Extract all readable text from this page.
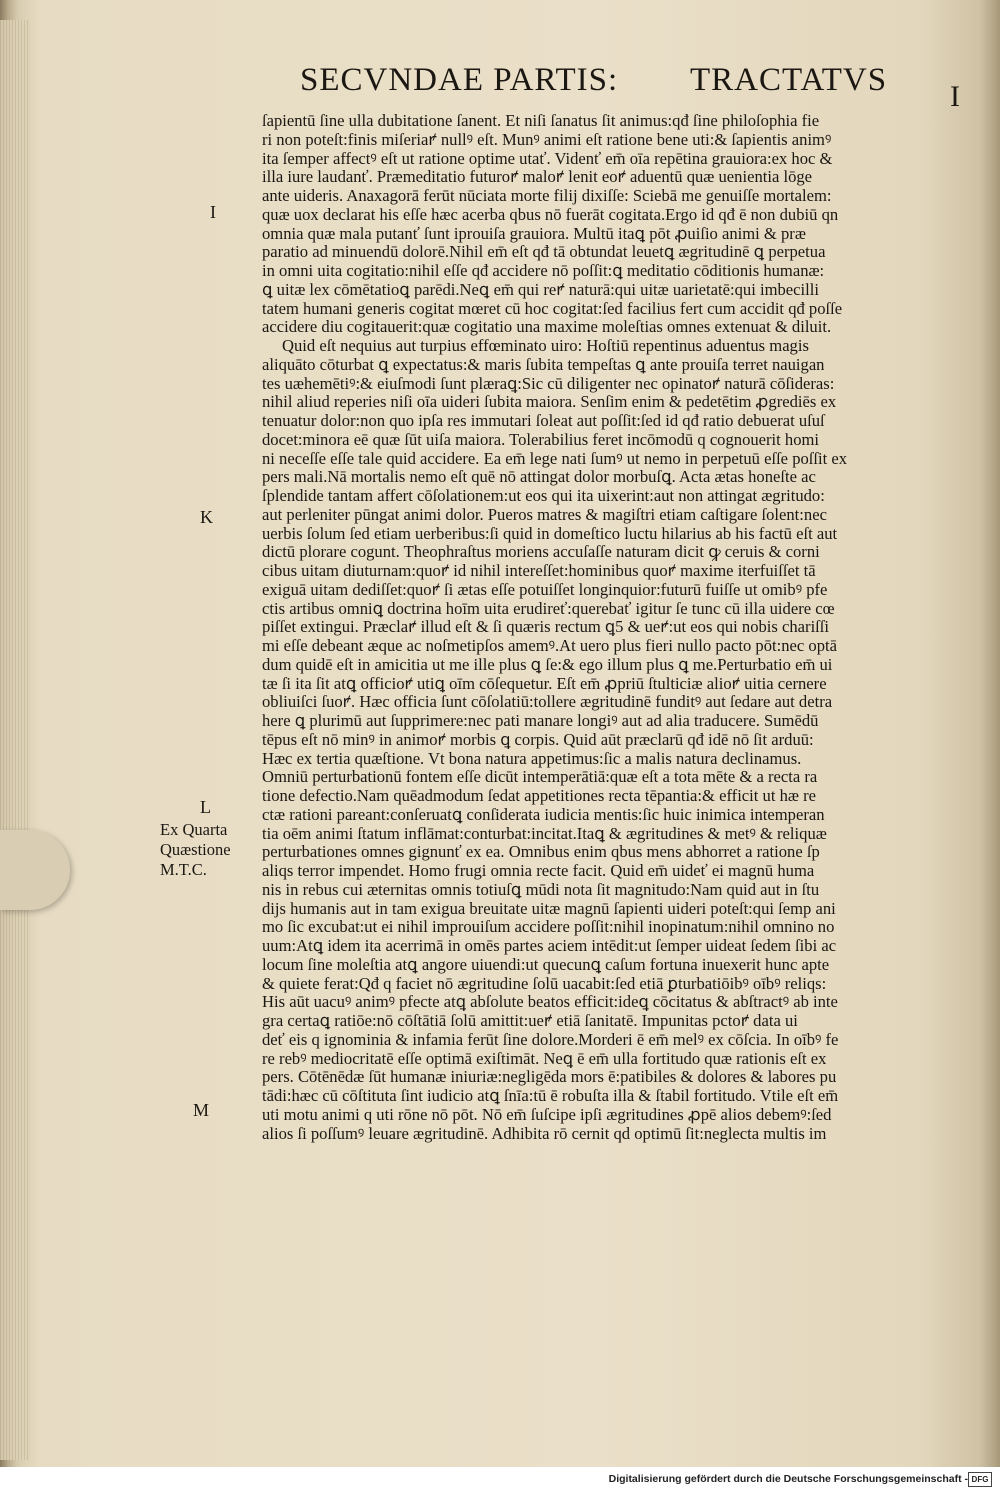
SECVNDAE PARTIS: TRACTATVS I
I
K
L
M
Ex Quarta
Quæstione
M.T.C.
ſapientū ſine ulla dubitatione ſanent. Et niſi ſanatus ſit animus:qđ ſine philoſophia fie
ri non poteſt:finis miſeriaꝵ nullꝰ eſt. Munꝰ animi eſt ratione bene uti:& ſapientis animꝰ
ita ſemper affectꝰ eſt ut ratione optime utať. Videnť em̄ oīa repētina grauiora:ex hoc &
illa iure laudanť. Præmeditatio futuroꝵ maloꝵ lenit eoꝵ aduentū quæ uenientia lōge
ante uideris. Anaxagorā ferūt nūciata morte filij dixiſſe: Sciebā me genuiſſe mortalem:
quæ uox declarat his eſſe hæc acerba qbus nō fuerāt cogitata.Ergo id qđ ē non dubiū qn
omnia quæ mala putanť ſunt iprouiſa grauiora. Multū itaꝗ pōt ꝓuiſio animi & præ
paratio ad minuendū dolorē.Nihil em̄ eſt qđ tā obtundat leuetꝗ ægritudinē ꝗ perpetua
in omni uita cogitatio:nihil eſſe qđ accidere nō poſſit:ꝗ meditatio cōditionis humanæ:
ꝗ uitæ lex cōmētatioꝗ parēdi.Neꝗ em̄ qui reꝵ naturā:qui uitæ uarietatē:qui imbecilli
tatem humani generis cogitat mœret cū hoc cogitat:ſed facilius fert cum accidit qđ poſſe
accidere diu cogitauerit:quæ cogitatio una maxime moleſtias omnes extenuat & diluit.
Quid eſt nequius aut turpius effœminato uiro: Hoſtiū repentinus aduentus magis
aliquāto cōturbat ꝗ expectatus:& maris ſubita tempeſtas ꝗ ante prouiſa terret nauigan
tes uæhemētiꝰ:& eiuſmodi ſunt plæraꝗ:Sic cū diligenter nec opinatoꝵ naturā cōſideras:
nihil aliud reperies niſi oīa uideri ſubita maiora. Senſim enim & pedetētim ꝓgrediēs ex
tenuatur dolor:non quo ipſa res immutari ſoleat aut poſſit:ſed id qđ ratio debuerat uſuſ
docet:minora eē quæ ſūt uiſa maiora. Tolerabilius feret incōmodū q cognouerit homi
ni neceſſe eſſe tale quid accidere. Ea em̄ lege nati ſumꝰ ut nemo in perpetuū eſſe poſſit ex
pers mali.Nā mortalis nemo eſt quē nō attingat dolor morbuſꝗ. Acta ætas honeſte ac
ſplendide tantam affert cōſolationem:ut eos qui ita uixerint:aut non attingat ægritudo:
aut perleniter pūngat animi dolor. Pueros matres & magiſtri etiam caſtigare ſolent:nec
uerbis ſolum ſed etiam uerberibus:ſi quid in domeſtico luctu hilarius ab his factū eſt aut
dictū plorare cogunt. Theophraſtus moriens accuſaſſe naturam dicit ꝙ ceruis & corni
cibus uitam diuturnam:quoꝵ id nihil intereſſet:hominibus quoꝵ maxime iterfuiſſet tā
exiguā uitam dediſſet:quoꝵ ſi ætas eſſe potuiſſet longinquior:futurū fuiſſe ut omibꝰ pfe
ctis artibus omniꝗ doctrina hoīm uita erudireť:querebať igitur ſe tunc cū illa uidere cœ
piſſet extingui. Præclaꝵ illud eſt & ſi quæris rectum ꝗ5 & ueꝵ:ut eos qui nobis chariſſi
mi eſſe debeant æque ac noſmetipſos amemꝰ.At uero plus fieri nullo pacto pōt:nec optā
dum quidē eſt in amicitia ut me ille plus ꝗ ſe:& ego illum plus ꝗ me.Perturbatio em̄ ui
tæ ſi ita ſit atꝗ officioꝵ utiꝗ oīm cōſequetur. Eſt em̄ ꝓpriū ſtulticiæ alioꝵ uitia cernere
obliuiſci ſuoꝵ. Hæc officia ſunt cōſolatiū:tollere ægritudinē funditꝰ aut ſedare aut detra
here ꝗ plurimū aut ſupprimere:nec pati manare longiꝰ aut ad alia traducere. Sumēdū
tēpus eſt nō minꝰ in animoꝵ morbis ꝗ corpis. Quid aūt præclarū qđ idē nō ſit arduū:
Hæc ex tertia quæſtione. Vt bona natura appetimus:ſic a malis natura declinamus.
Omniū perturbationū fontem eſſe dicūt intemperātiā:quæ eſt a tota mēte & a recta ra
tione defectio.Nam quēadmodum ſedat appetitiones recta tēpantia:& efficit ut hæ re
ctæ rationi pareant:conſeruatꝗ conſiderata iudicia mentis:ſic huic inimica intemperan
tia oēm animi ſtatum inflāmat:conturbat:incitat.Itaꝗ & ægritudines & metꝰ & reliquæ
perturbationes omnes gignunť ex ea. Omnibus enim qbus mens abhorret a ratione ſp
aliqs terror impendet. Homo frugi omnia recte facit. Quid em̄ uideť ei magnū huma
nis in rebus cui æternitas omnis totiuſꝗ mūdi nota ſit magnitudo:Nam quid aut in ſtu
dijs humanis aut in tam exigua breuitate uitæ magnū ſapienti uideri poteſt:qui ſemp ani
mo ſic excubat:ut ei nihil improuiſum accidere poſſit:nihil inopinatum:nihil omnino no
uum:Atꝗ idem ita acerrimā in omēs partes aciem intēdit:ut ſemper uideat ſedem ſibi ac
locum ſine moleſtia atꝗ angore uiuendi:ut quecunꝗ caſum fortuna inuexerit hunc apte
& quiete ferat:Qđ q faciet nō ægritudine ſolū uacabit:ſed etiā ꝑturbatiōibꝰ oībꝰ reliqs:
His aūt uacuꝰ animꝰ pfecte atꝗ abſolute beatos efficit:ideꝗ cōcitatus & abſtractꝰ ab inte
gra certaꝗ ratiōe:nō cōſtātiā ſolū amittit:ueꝵ etiā ſanitatē. Impunitas pctoꝵ data ui
deť eis q ignominia & infamia ferūt ſine dolore.Morderi ē em̄ melꝰ ex cōſcia. In oībꝰ fe
re rebꝰ mediocritatē eſſe optimā exiſtimāt. Neꝗ ē em̄ ulla fortitudo quæ rationis eſt ex
pers. Cōtēnēdæ ſūt humanæ iniuriæ:negligēda mors ē:patibiles & dolores & labores pu
tādi:hæc cū cōſtituta ſint iudicio atꝗ ſnīa:tū ē robuſta illa & ſtabil fortitudo. Vtile eſt em̄
uti motu animi q uti rōne nō pōt. Nō em̄ ſuſcipe ipſi ægritudines ꝓpē alios debemꝰ:ſed
alios ſi poſſumꝰ leuare ægritudinē. Adhibita rō cernit qd optimū ſit:neglecta multis im
Digitalisierung gefördert durch die Deutsche Forschungsgemeinschaft - DFG
